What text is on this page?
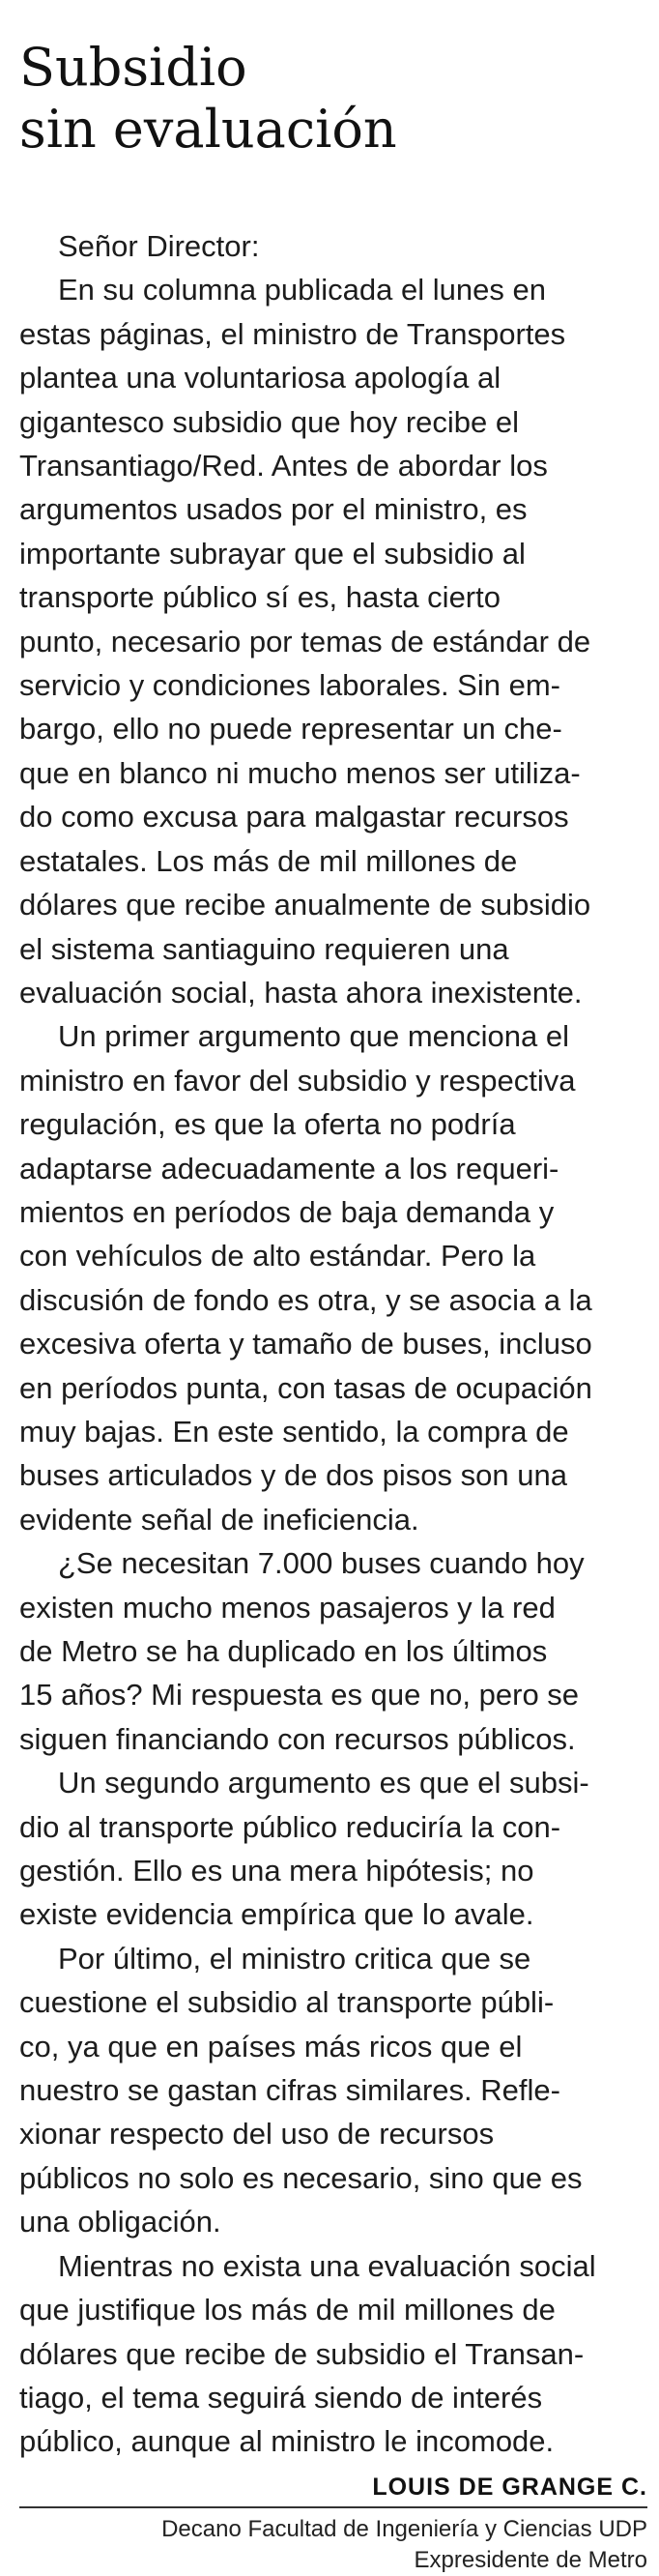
Subsidio
sin evaluación

Señor Director:

En su columna publicada el lunes en
estas páginas, el ministro de Transportes
plantea una voluntariosa apología al
gigantesco subsidio que hoy recibe el
Transantiago/Red. Antes de abordar los
argumentos usados por el ministro, es
importante subrayar que el subsidio al
transporte público sí es, hasta cierto
punto, necesario por temas de estándar de
servicio y condiciones laborales. Sin em-
bargo, ello no puede representar un che-
que en blanco ni mucho menos ser utiliza-
do como excusa para malgastar recursos
estatales. Los más de mil millones de
dólares que recibe anualmente de subsidio
el sistema santiaguino requieren una
evaluación social, hasta ahora inexistente.

Un primer argumento que menciona el
ministro en favor del subsidio y respectiva
regulación, es que la oferta no podría
adaptarse adecuadamente a los requeri-
mientos en períodos de baja demanda y
con vehículos de alto estándar. Pero la
discusión de fondo es otra, y se asocia a la
excesiva oferta y tamaño de buses, incluso
en períodos punta, con tasas de ocupación
muy bajas. En este sentido, la compra de
buses articulados y de dos pisos son una
evidente señal de ineficiencia.

¿Se necesitan 7.000 buses cuando hoy
existen mucho menos pasajeros y la red
de Metro se ha duplicado en los últimos
15 años? Mi respuesta es que no, pero se
siguen financiando con recursos públicos.

Un segundo argumento es que el subsi-
dio al transporte público reduciría la con-
gestión. Ello es una mera hipótesis; no
existe evidencia empírica que lo avale.

Por último, el ministro critica que se
cuestione el subsidio al transporte públi-
co, ya que en países más ricos que el
nuestro se gastan cifras similares. Refle-
xionar respecto del uso de recursos
públicos no solo es necesario, sino que es
una obligación.

Mientras no exista una evaluación social
que justifique los más de mil millones de
dólares que recibe de subsidio el Transan-
tiago, el tema seguirá siendo de interés
público, aunque al ministro le incomode.

LOUIS DE GRANGE C.
Decano Facultad de Ingeniería y Ciencias UDP
Expresidente de Metro
